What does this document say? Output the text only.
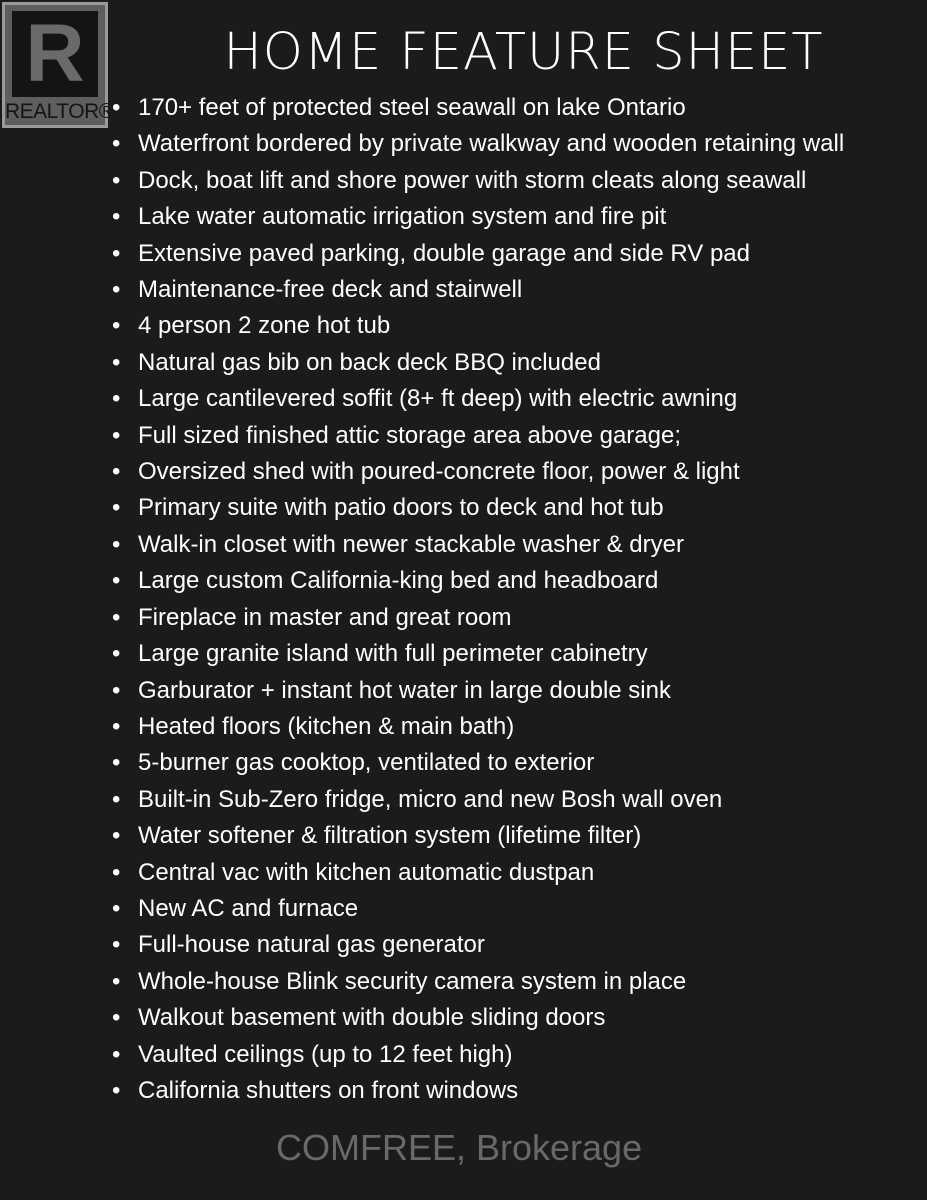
R
REALTOR®
HOME FEATURE SHEET
• 170+ feet of protected steel seawall on lake Ontario
• Waterfront bordered by private walkway and wooden retaining wall
• Dock, boat lift and shore power with storm cleats along seawall
• Lake water automatic irrigation system and fire pit
• Extensive paved parking, double garage and side RV pad
• Maintenance-free deck and stairwell
• 4 person 2 zone hot tub
• Natural gas bib on back deck BBQ included
• Large cantilevered soffit (8+ ft deep) with electric awning
• Full sized finished attic storage area above garage;
• Oversized shed with poured-concrete floor, power & light
• Primary suite with patio doors to deck and hot tub
• Walk-in closet with newer stackable washer & dryer
• Large custom California-king bed and headboard
• Fireplace in master and great room
• Large granite island with full perimeter cabinetry
• Garburator + instant hot water in large double sink
• Heated floors (kitchen & main bath)
• 5-burner gas cooktop, ventilated to exterior
• Built-in Sub-Zero fridge, micro and new Bosh wall oven
• Water softener & filtration system (lifetime filter)
• Central vac with kitchen automatic dustpan
• New AC and furnace
• Full-house natural gas generator
• Whole-house Blink security camera system in place
• Walkout basement with double sliding doors
• Vaulted ceilings (up to 12 feet high)
• California shutters on front windows
COMFREE, Brokerage
